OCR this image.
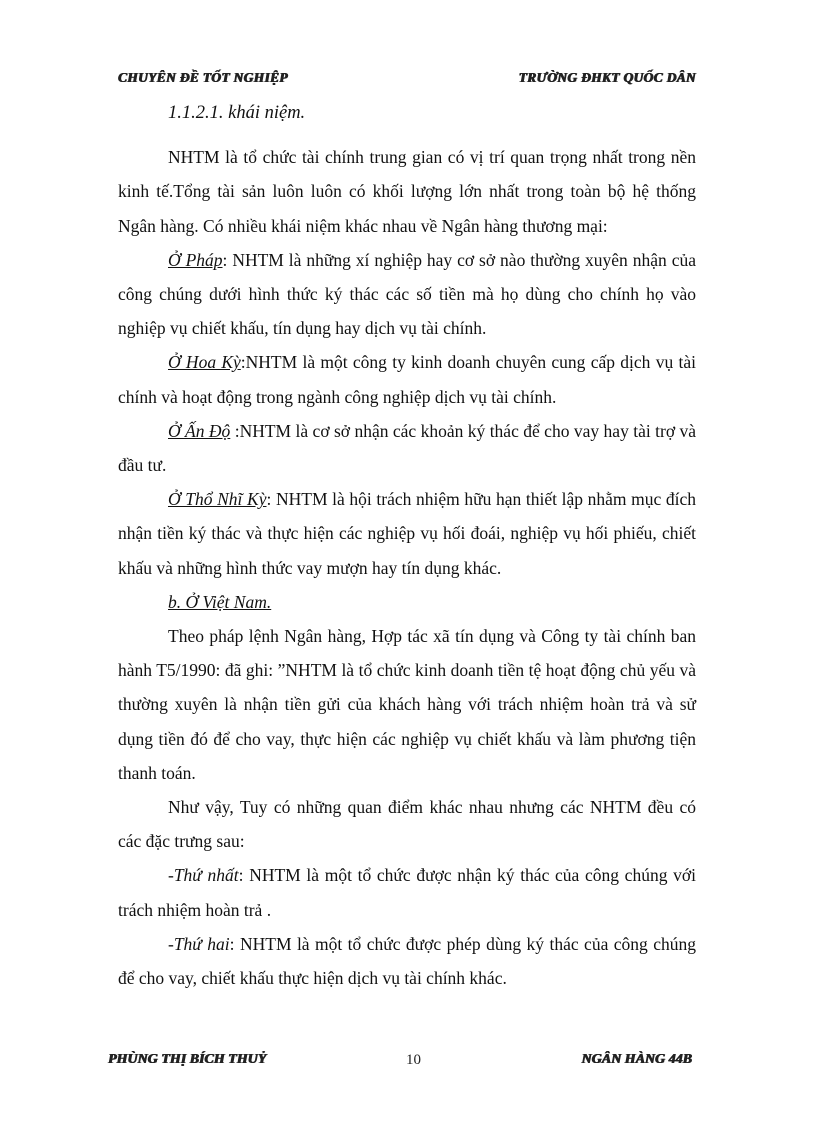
CHUYÊN ĐỀ TỐT NGHIỆP	TRƯỜNG ĐHKT QUỐC DÂN
1.1.2.1. khái niệm.

NHTM là tổ chức tài chính trung gian có vị trí quan trọng nhất trong nền kinh tế.Tổng tài sản luôn luôn có khối lượng lớn nhất trong toàn bộ hệ thống Ngân hàng. Có nhiều khái niệm khác nhau về Ngân hàng thương mại:

Ở Pháp: NHTM là những xí nghiệp hay cơ sở nào thường xuyên nhận của công chúng dưới hình thức ký thác các số tiền mà họ dùng cho chính họ vào nghiệp vụ chiết khấu, tín dụng hay dịch vụ tài chính.

Ở Hoa Kỳ:NHTM là một công ty kinh doanh chuyên cung cấp dịch vụ tài chính và hoạt động trong ngành công nghiệp dịch vụ tài chính.

Ở Ấn Độ :NHTM là cơ sở nhận các khoản ký thác để cho vay hay tài trợ và đầu tư.

Ở Thổ Nhĩ Kỳ: NHTM là hội trách nhiệm hữu hạn thiết lập nhằm mục đích nhận tiền ký thác và thực hiện các nghiệp vụ hối đoái, nghiệp vụ hối phiếu, chiết khấu và những hình thức vay mượn hay tín dụng khác.

b. Ở Việt Nam.

Theo pháp lệnh Ngân hàng, Hợp tác xã tín dụng và Công ty tài chính ban hành T5/1990: đã ghi: ”NHTM là tổ chức kinh doanh tiền tệ hoạt động chủ yếu và thường xuyên là nhận tiền gửi của khách hàng với trách nhiệm hoàn trả và sử dụng tiền đó để cho vay, thực hiện các nghiệp vụ chiết khấu và làm phương tiện thanh toán.

Như vậy, Tuy có những quan điểm khác nhau nhưng các NHTM đều có các đặc trưng sau:

-Thứ nhất: NHTM là một tổ chức được nhận ký thác của công chúng với trách nhiệm hoàn trả .

-Thứ hai: NHTM là một tổ chức được phép dùng ký thác của công chúng để cho vay, chiết khấu thực hiện dịch vụ tài chính khác.

PHÙNG THỊ BÍCH THUỶ	10	NGÂN HÀNG 44B
